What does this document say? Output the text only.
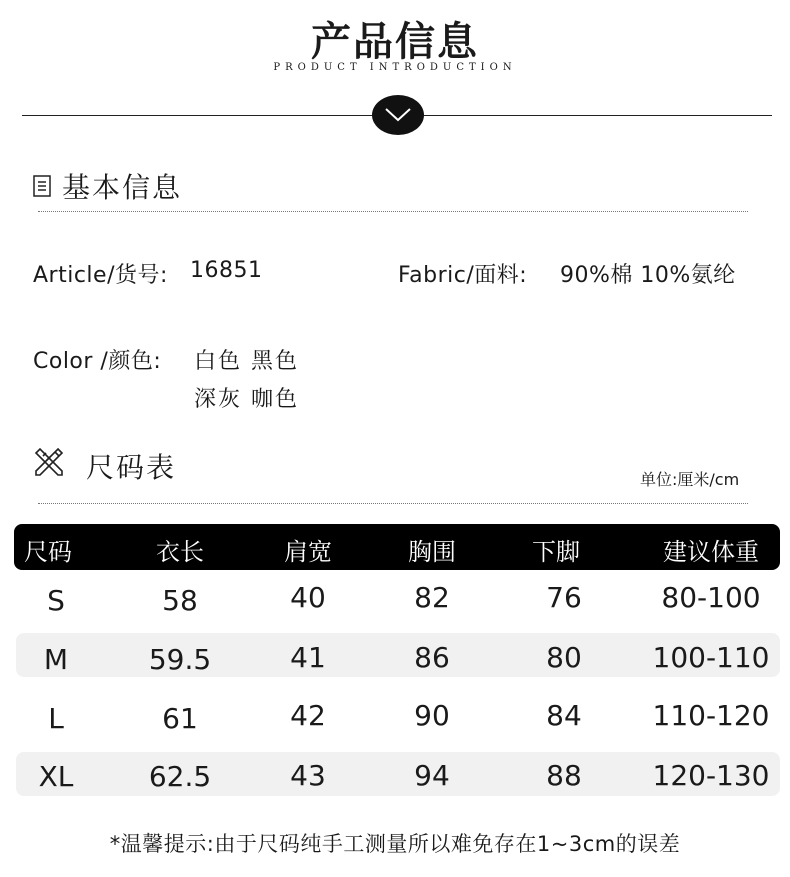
产品信息
PRODUCT INTRODUCTION
基本信息
Article/货号: 16851	Fabric/面料: 90%棉 10%氨纶
Color /颜色: 白色 黑色
深灰 咖色
尺码表	单位:厘米/cm
尺码	衣长	肩宽	胸围	下脚	建议体重
S	58	40	82	76	80-100
M	59.5	41	86	80	100-110
L	61	42	90	84	110-120
XL	62.5	43	94	88	120-130
*温馨提示:由于尺码纯手工测量所以难免存在1~3cm的误差
